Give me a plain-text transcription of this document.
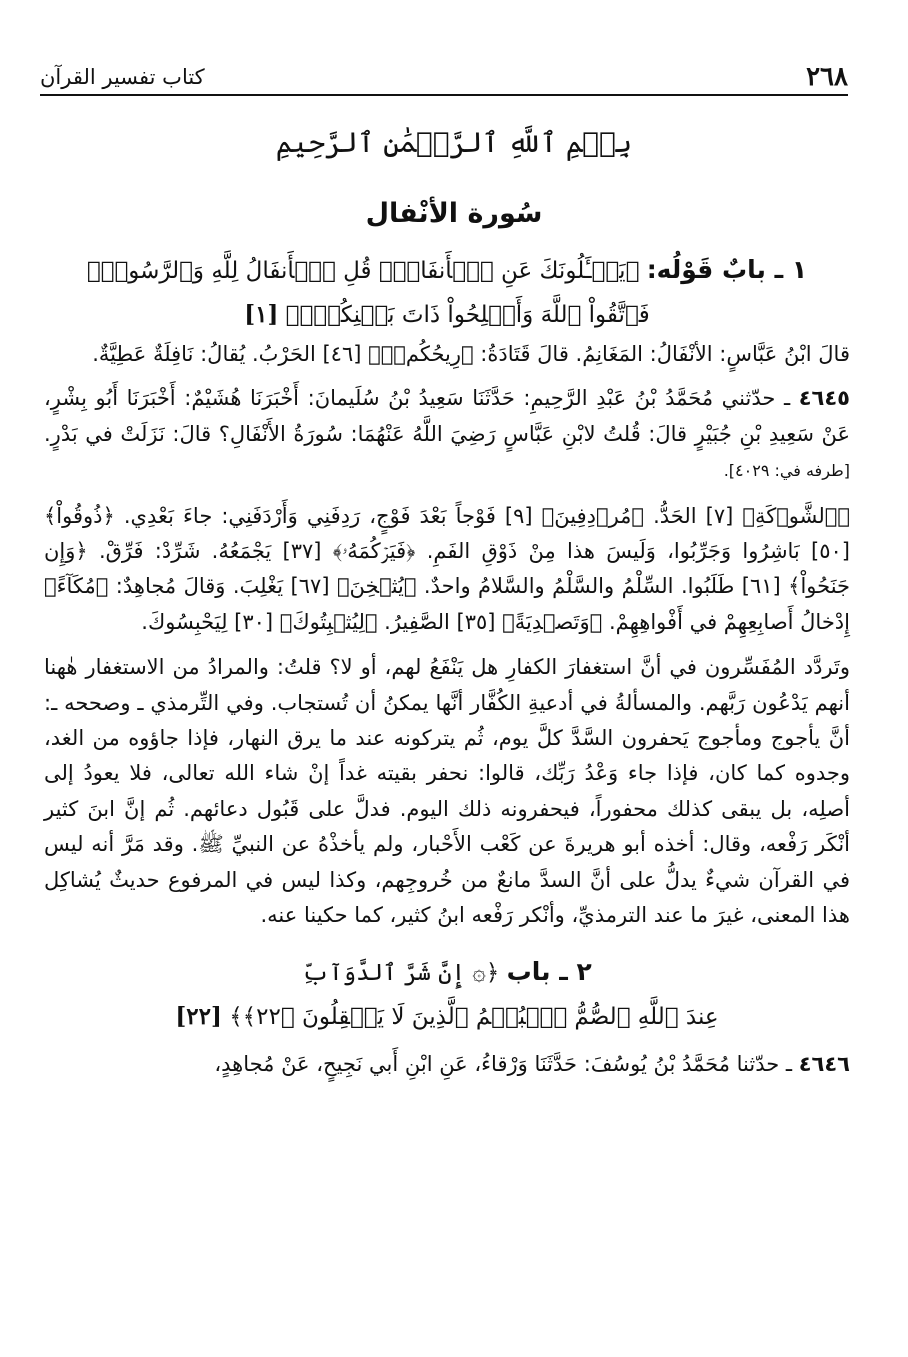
٢٦٨
كتاب تفسير القرآن
بِسۡمِ ٱللَّهِ ٱلرَّحۡمَٰنِ ٱلرَّحِيمِ
سُورة الأنْفال
١ ـ بابٌ قَوْلُه: ﴿يَسۡـَٔلُونَكَ عَنِ ٱلۡأَنفَالِۖ قُلِ ٱلۡأَنفَالُ لِلَّهِ وَٱلرَّسُولِۖ
فَٱتَّقُواْ ٱللَّهَ وَأَصۡلِحُواْ ذَاتَ بَيۡنِكُمۡۖ﴾ [١]

قالَ ابْنُ عَبَّاسٍ: الأنْفَالُ: المَغَانِمُ. قالَ قَتَادَةُ: ﴿رِيحُكُمۡۖ﴾ [٤٦] الحَرْبُ. يُقالُ: نَافِلَةٌ عَطِيَّةٌ.

٤٦٤٥ ـ حدّثني مُحَمَّدُ بْنُ عَبْدِ الرَّحِيمِ: حَدَّثَنَا سَعِيدُ بْنُ سُلَيمانَ: أَخْبَرَنَا هُشَيْمٌ: أَخْبَرَنَا أَبُو بِشْرٍ، عَنْ سَعِيدِ بْنِ جُبَيْرٍ قالَ: قُلتُ لابْنِ عَبَّاسٍ رَضِيَ اللَّهُ عَنْهُمَا: سُورَةُ الأَنْفَالِ؟ قالَ: نَزَلَتْ في بَدْرٍ. [طرفه في: ٤٠٢٩].

﴿ٱلشَّوۡكَةِ﴾ [٧] الحَدُّ. ﴿مُرۡدِفِينَ﴾ [٩] فَوْجاً بَعْدَ فَوْجٍ، رَدِفَنِي وَأَرْدَفَنِي: جاءَ بَعْدِي. ﴿ذُوقُواْ﴾ [٥٠] بَاشِرُوا وَجَرِّبُوا، وَلَيسَ هذا مِنْ ذَوْقِ الفَمِ. ﴿فَيَرۡكُمَهُۥ﴾ [٣٧] يَجْمَعُهُ. شَرِّدْ: فَرِّقْ. ﴿وَإِن جَنَحُواْ﴾ [٦١] طَلَبُوا. السِّلْمُ والسَّلْمُ والسَّلامُ واحدٌ. ﴿يُثۡخِنَ﴾ [٦٧] يَغْلِبَ. وَقالَ مُجاهِدٌ: ﴿مُكَآءً﴾ إِدْخالُ أَصابِعِهِمْ في أَفْواهِهِمْ. ﴿وَتَصۡدِيَةً﴾ [٣٥] الصَّفِيرُ. ﴿لِيُثۡبِتُوكَ﴾ [٣٠] لِيَحْبِسُوكَ.

وتَردَّد المُفَسِّرون في أنَّ استغفارَ الكفارِ هل يَنْفَعُ لهم، أو لا؟ قلتُ: والمرادُ من الاستغفار هٰهنا أنهم يَدْعُون رَبَّهم. والمسألةُ في أدعيةِ الكُفَّار أنَّها يمكنُ أن تُستجاب. وفي التِّرمذي ـ وصححه ـ: أنَّ يأجوج ومأجوج يَحفرون السَّدَّ كلَّ يوم، ثُم يتركونه عند ما يرق النهار، فإذا جاؤوه من الغد، وجدوه كما كان، فإذا جاء وَعْدُ رَبِّك، قالوا: نحفر بقيته غداً إنْ شاء الله تعالى، فلا يعودُ إلى أصلِه، بل يبقى كذلك محفوراً، فيحفرونه ذلك اليوم. فدلَّ على قَبُول دعائهم. ثُم إنَّ ابنَ كثير أنْكَر رَفْعه، وقال: أخذه أبو هريرةَ عن كَعْب الأَحْبار، ولم يأخذْهُ عن النبيِّ ﷺ. وقد مَرَّ أنه ليس في القرآن شيءٌ يدلُّ على أنَّ السدَّ مانعٌ من خُروجِهم، وكذا ليس في المرفوع حديثٌ يُشاكِل هذا المعنى، غيرَ ما عند الترمذيِّ، وأنْكر رَفْعه ابنُ كثير، كما حكينا عنه.

٢ ـ باب ﴿۞ إِنَّ شَرَّ ٱلدَّوَآبِّ
عِندَ ٱللَّهِ ٱلصُّمُّ ٱلۡبُكۡمُ ٱلَّذِينَ لَا يَعۡقِلُونَ ﴿٢٢﴾﴾ [٢٢]

٤٦٤٦ ـ حدّثنا مُحَمَّدُ بْنُ يُوسُفَ: حَدَّثَنَا وَرْقاءُ، عَنِ ابْنِ أَبي نَجِيحٍ، عَنْ مُجاهِدٍ،
